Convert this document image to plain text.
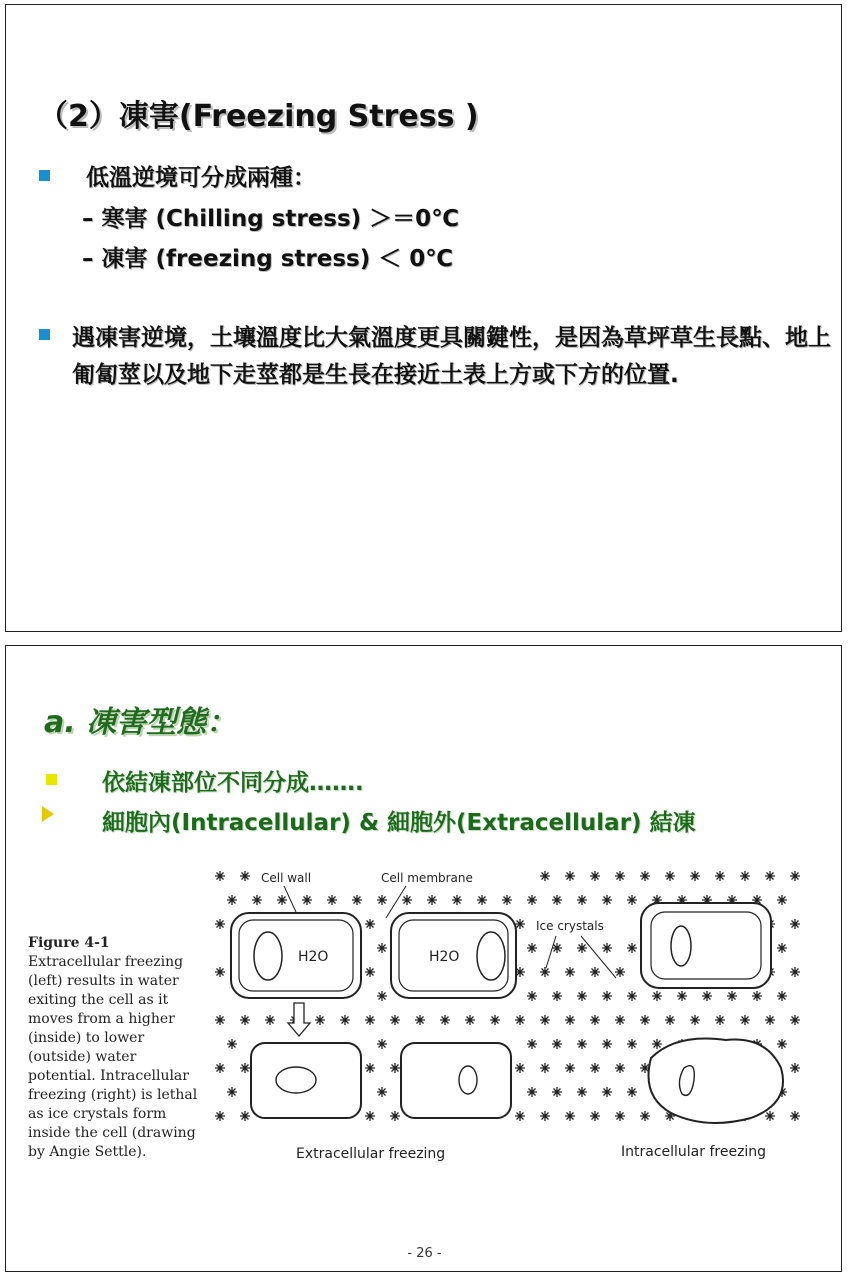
（2）凍害(Freezing Stress )
低溫逆境可分成兩種：
– 寒害 (Chilling stress) ＞＝0℃
– 凍害 (freezing stress) ＜ 0℃
遇凍害逆境，土壤溫度比大氣溫度更具關鍵性，是因為草坪草生長點、地上匍匐莖以及地下走莖都是生長在接近土表上方或下方的位置.
a. 凍害型態：
依結凍部位不同分成…….
細胞內(Intracellular) & 細胞外(Extracellular) 結凍
Figure 4-1
Extracellular freezing (left) results in water exiting the cell as it moves from a higher (inside) to lower (outside) water potential. Intracellular freezing (right) is lethal as ice crystals form inside the cell (drawing by Angie Settle).
H2O	H2O
Cell wall	Cell membrane
Ice crystals
Extracellular freezing	Intracellular freezing
- 26 -
